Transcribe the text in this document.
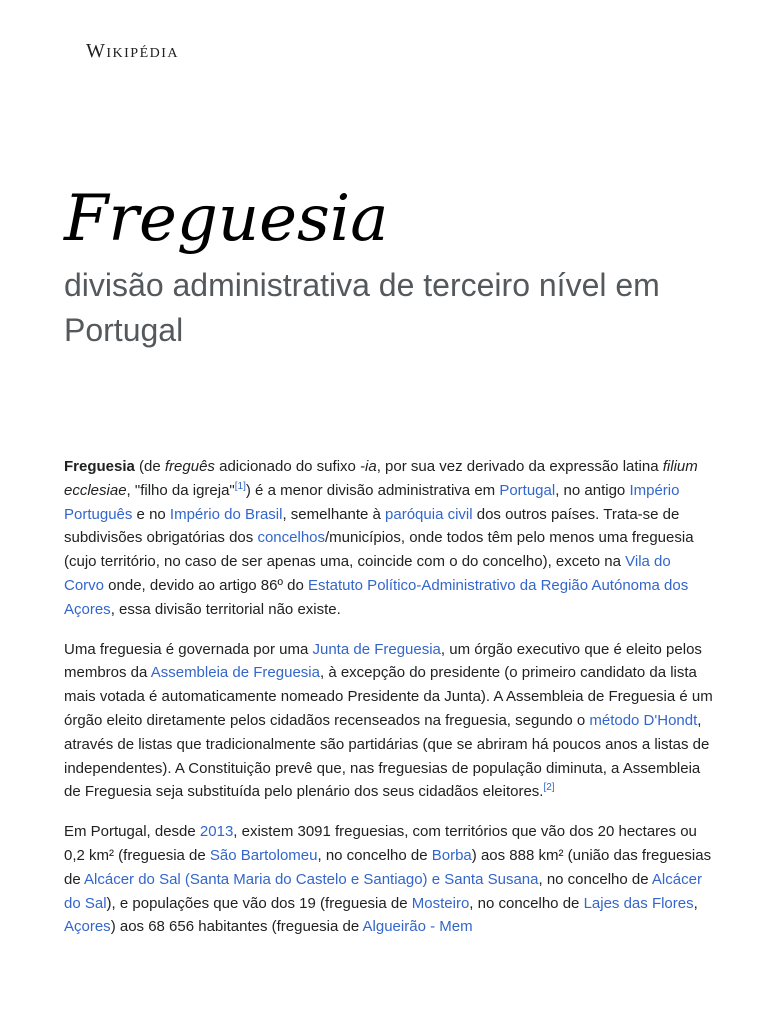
Wikipédia
Freguesia
divisão administrativa de terceiro nível em Portugal

Freguesia (de freguês adicionado do sufixo -ia, por sua vez derivado da expressão latina filium ecclesiae, "filho da igreja"[1]) é a menor divisão administrativa em Portugal, no antigo Império Português e no Império do Brasil, semelhante à paróquia civil dos outros países. Trata-se de subdivisões obrigatórias dos concelhos/municípios, onde todos têm pelo menos uma freguesia (cujo território, no caso de ser apenas uma, coincide com o do concelho), exceto na Vila do Corvo onde, devido ao artigo 86º do Estatuto Político-Administrativo da Região Autónoma dos Açores, essa divisão territorial não existe.

Uma freguesia é governada por uma Junta de Freguesia, um órgão executivo que é eleito pelos membros da Assembleia de Freguesia, à excepção do presidente (o primeiro candidato da lista mais votada é automaticamente nomeado Presidente da Junta). A Assembleia de Freguesia é um órgão eleito diretamente pelos cidadãos recenseados na freguesia, segundo o método D'Hondt, através de listas que tradicionalmente são partidárias (que se abriram há poucos anos a listas de independentes). A Constituição prevê que, nas freguesias de população diminuta, a Assembleia de Freguesia seja substituída pelo plenário dos seus cidadãos eleitores.[2]

Em Portugal, desde 2013, existem 3091 freguesias, com territórios que vão dos 20 hectares ou 0,2 km² (freguesia de São Bartolomeu, no concelho de Borba) aos 888 km² (união das freguesias de Alcácer do Sal (Santa Maria do Castelo e Santiago) e Santa Susana, no concelho de Alcácer do Sal), e populações que vão dos 19 (freguesia de Mosteiro, no concelho de Lajes das Flores, Açores) aos 68 656 habitantes (freguesia de Algueirão - Mem
